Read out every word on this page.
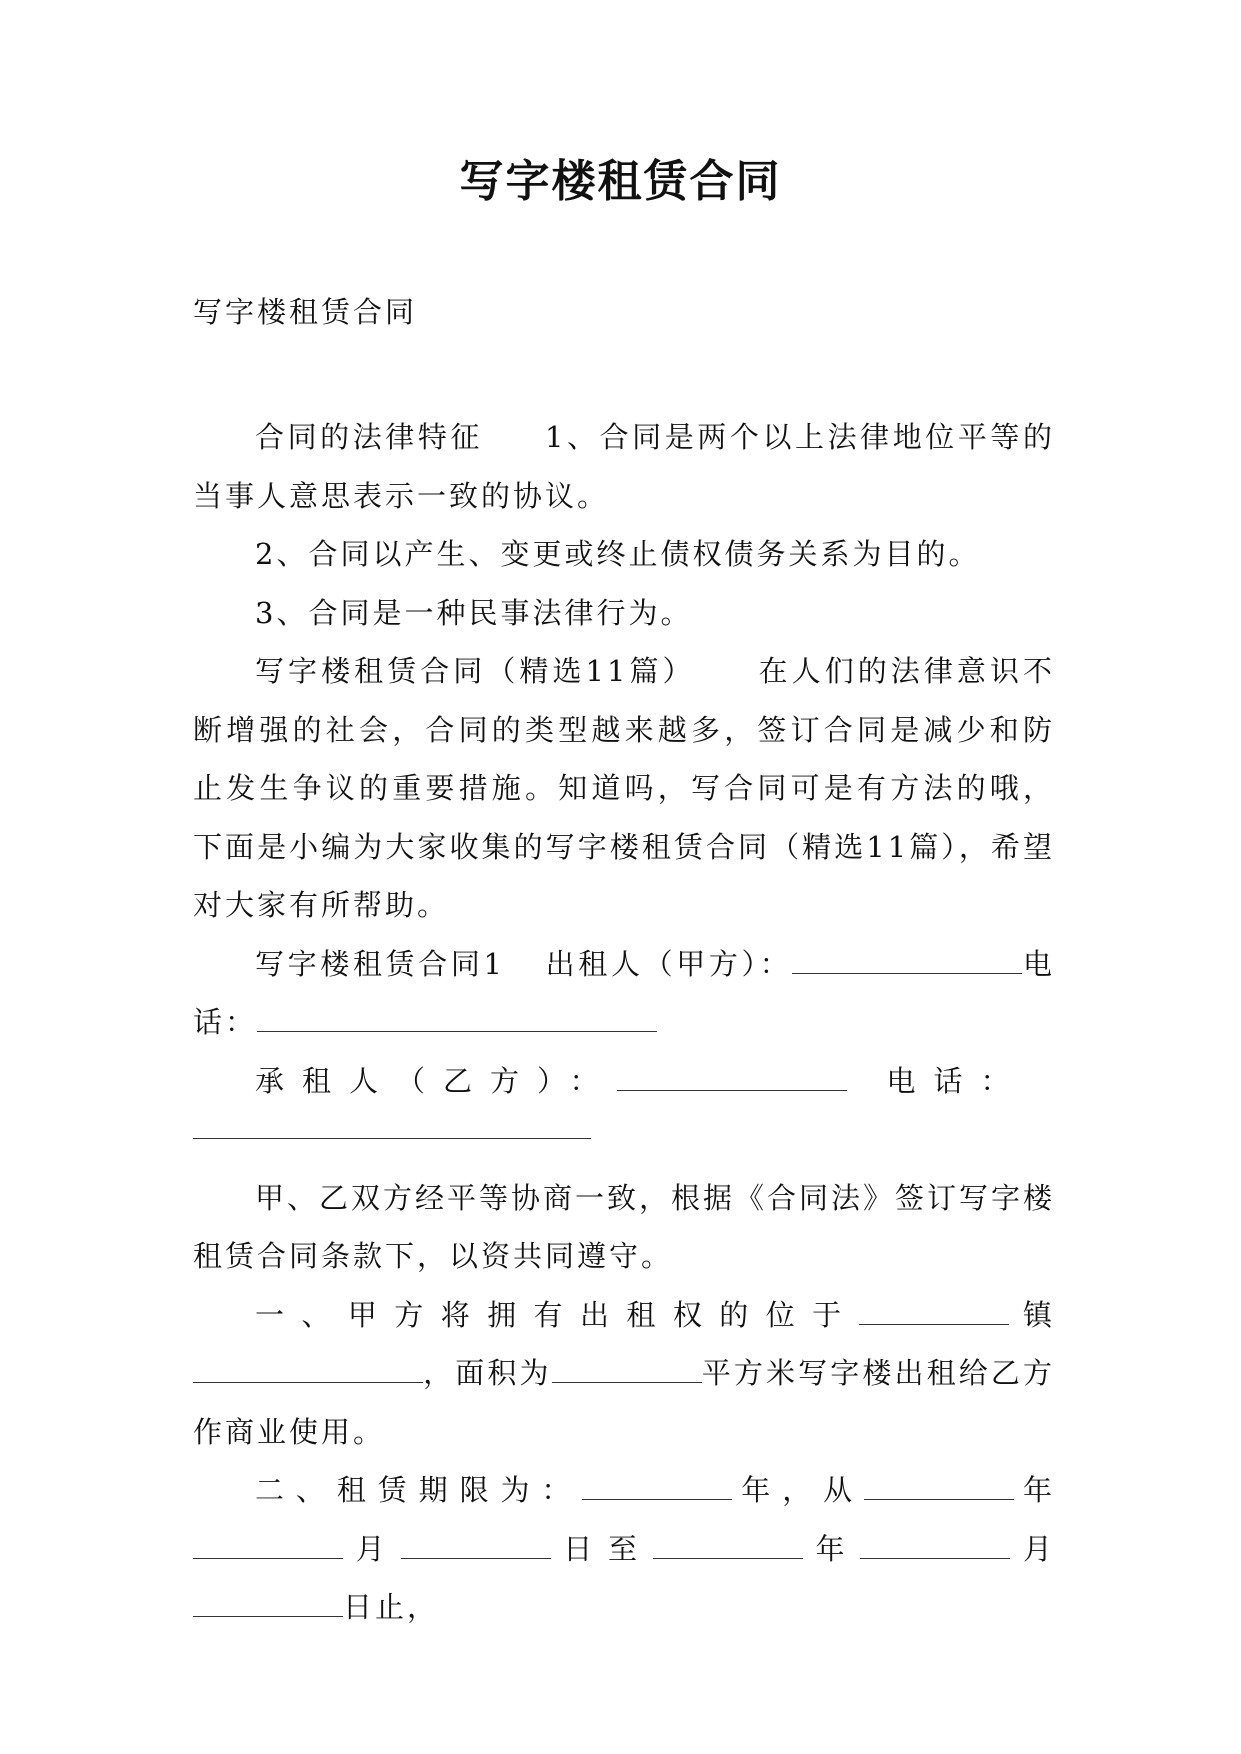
写字楼租赁合同
写字楼租赁合同

合同的法律特征 1、合同是两个以上法律地位平等的当事人意思表示一致的协议。

2、合同以产生、变更或终止债权债务关系为目的。

3、合同是一种民事法律行为。

写字楼租赁合同（精选11篇） 在人们的法律意识不断增强的社会，合同的类型越来越多，签订合同是减少和防止发生争议的重要措施。知道吗，写合同可是有方法的哦，下面是小编为大家收集的写字楼租赁合同（精选11篇），希望对大家有所帮助。

写字楼租赁合同1 出租人（甲方）：	电话：

承租人（乙方）：	电话：

甲、乙双方经平等协商一致，根据《合同法》签订写字楼租赁合同条款下，以资共同遵守。

一、甲方将拥有出租权的位于	镇，面积为	平方米写字楼出租给乙方作商业使用。

二、租赁期限为：	年，从	年月	日至	年	月日止，
